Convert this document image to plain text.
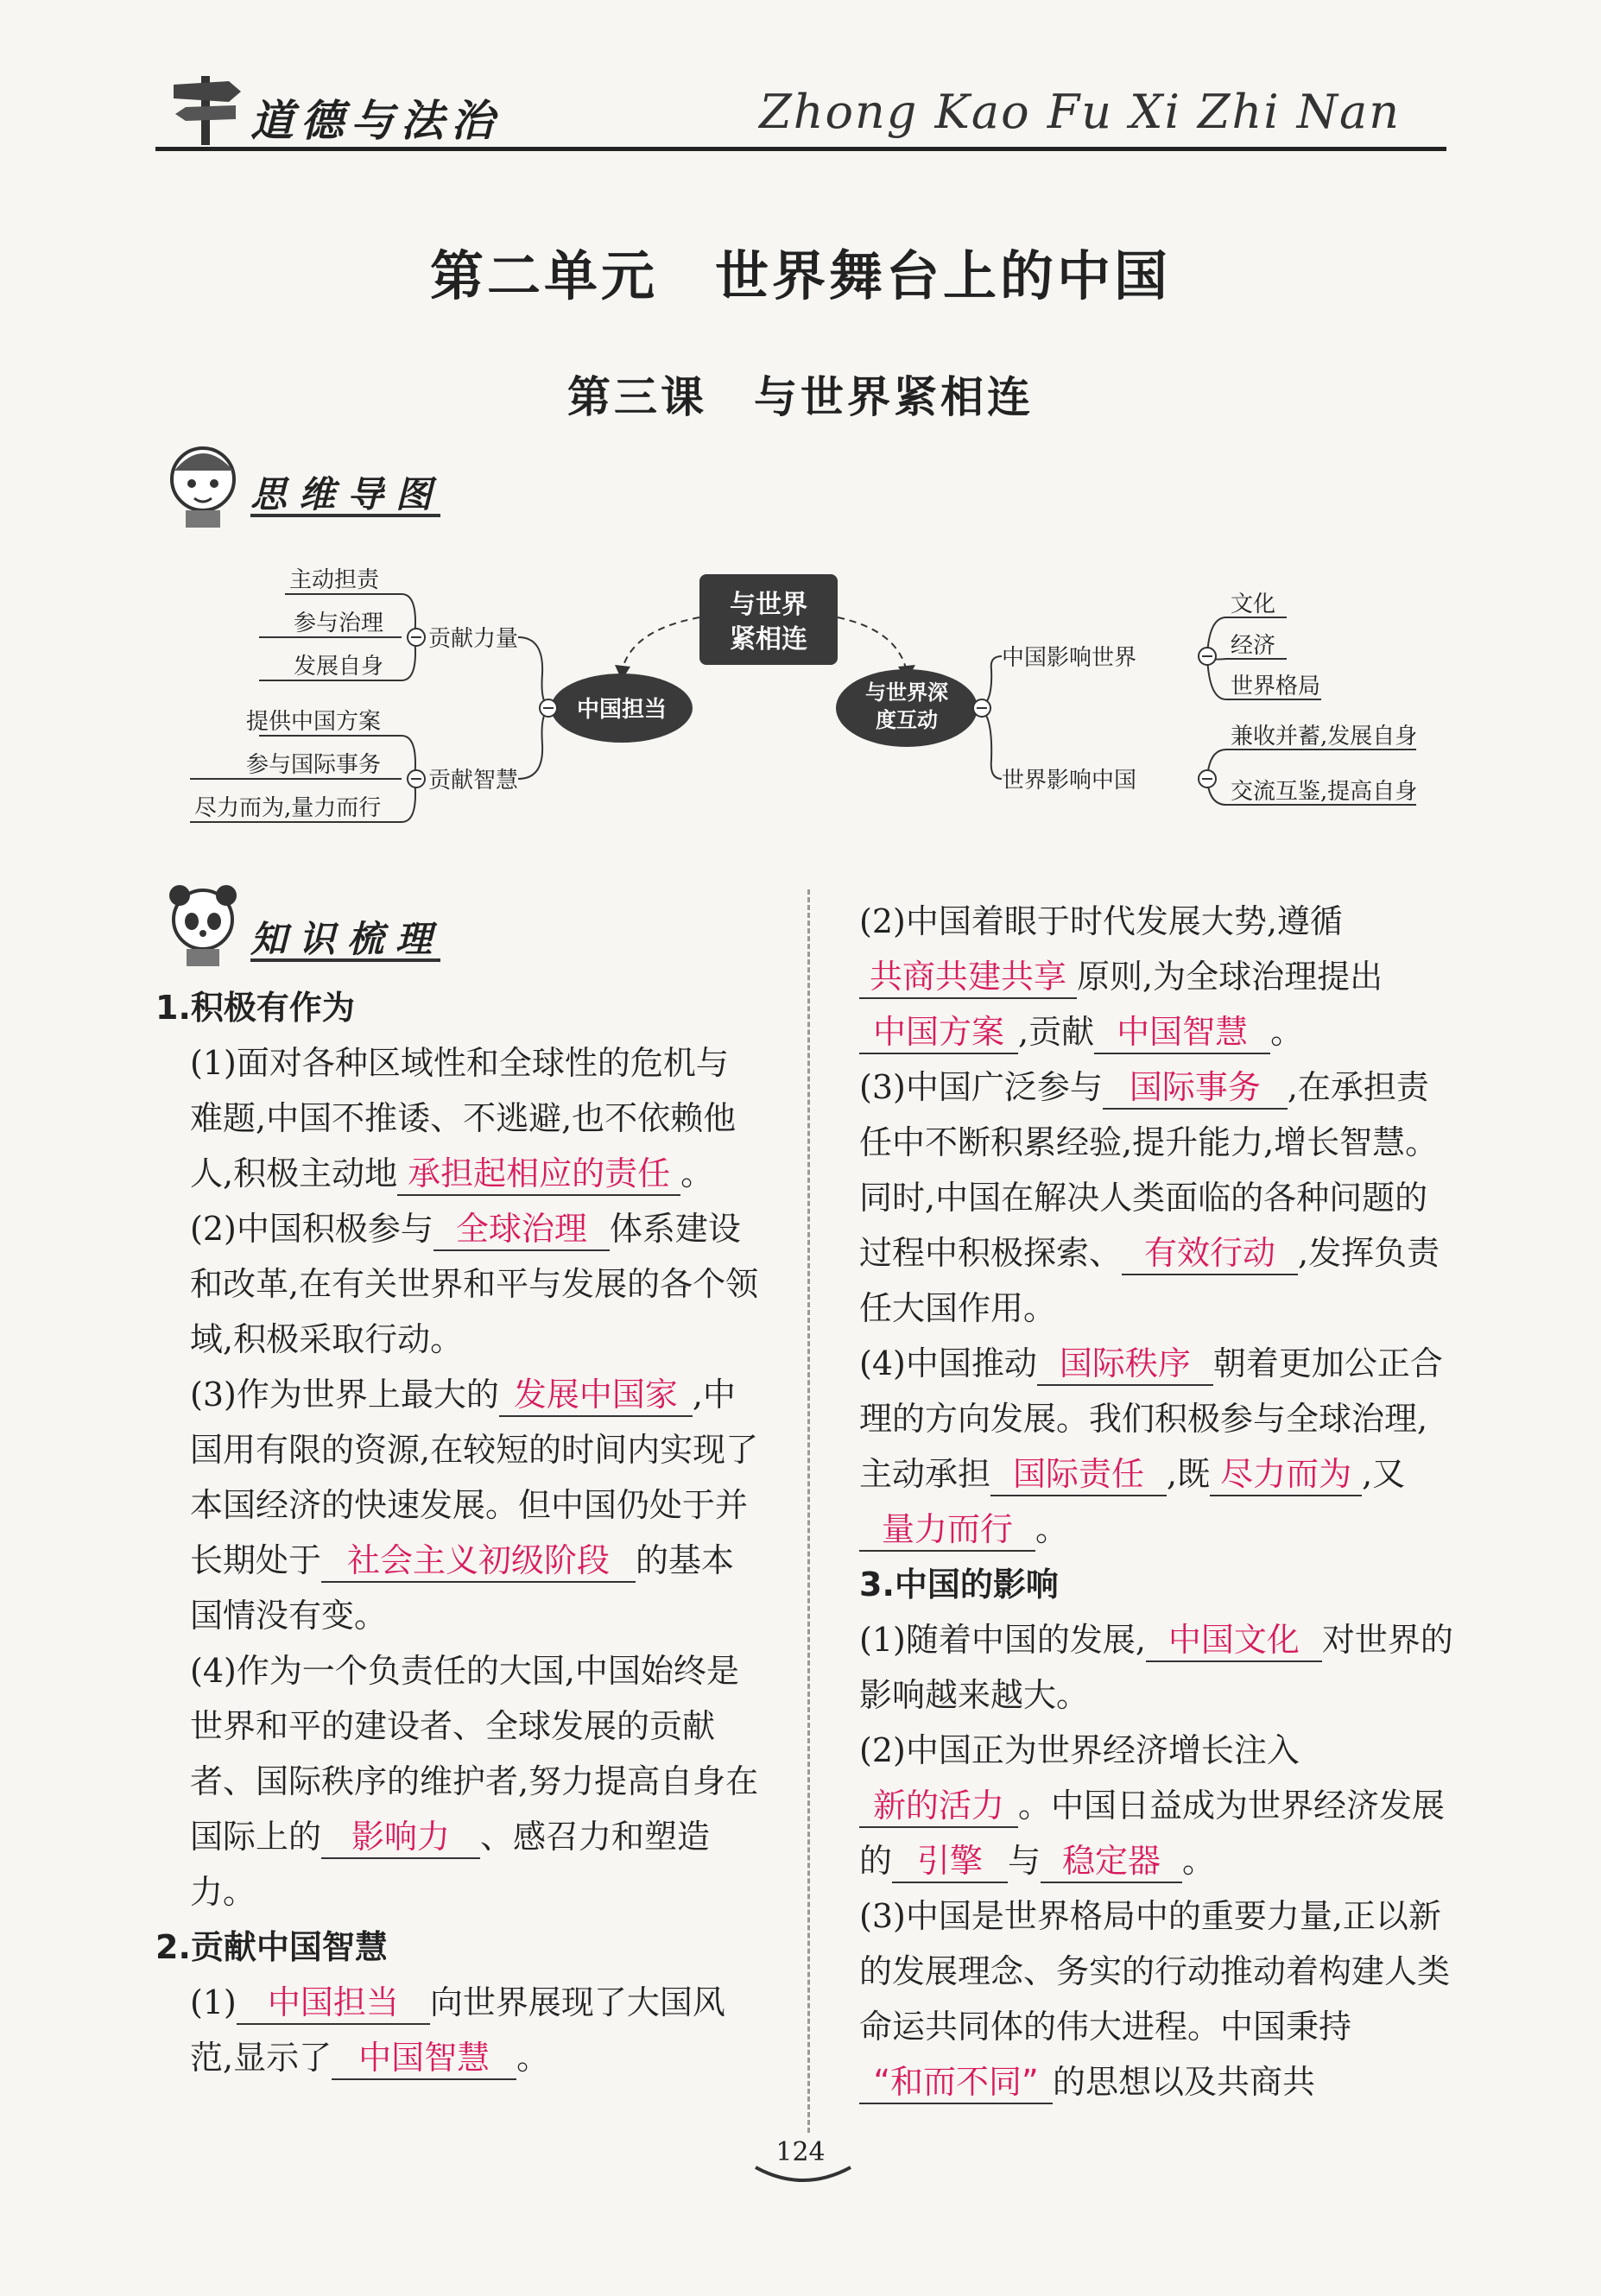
道德与法治	Zhong Kao Fu Xi Zhi Nan
第二单元　世界舞台上的中国
第三课　与世界紧相连
思维导图
与世界
紧相连
中国担当
与世界深
度互动
贡献力量
主动担责
参与治理
发展自身
贡献智慧
提供中国方案
参与国际事务
尽力而为,量力而行
中国影响世界
文化
经济
世界格局
世界影响中国
兼收并蓄,发展自身
交流互鉴,提高自身
知识梳理

1.积极有作为

(1)面对各种区域性和全球性的危机与难题,中国不推诿、不逃避,也不依赖他人,积极主动地 承担起相应的责任 。

(2)中国积极参与 全球治理 体系建设和改革,在有关世界和平与发展的各个领域,积极采取行动。

(3)作为世界上最大的 发展中国家 ,中国用有限的资源,在较短的时间内实现了本国经济的快速发展。但中国仍处于并长期处于 社会主义初级阶段 的基本国情没有变。

(4)作为一个负责任的大国,中国始终是世界和平的建设者、全球发展的贡献者、国际秩序的维护者,努力提高自身在国际上的 影响力 、感召力和塑造力。

2.贡献中国智慧

(1) 中国担当 向世界展现了大国风范,显示了 中国智慧 。

(2)中国着眼于时代发展大势,遵循共商共建共享 原则,为全球治理提出中国方案 ,贡献 中国智慧 。

(3)中国广泛参与 国际事务 ,在承担责任中不断积累经验,提升能力,增长智慧。同时,中国在解决人类面临的各种问题的过程中积极探索、 有效行动 ,发挥负责任大国作用。

(4)中国推动 国际秩序 朝着更加公正合理的方向发展。我们积极参与全球治理,主动承担 国际责任 ,既 尽力而为 ,又量力而行 。

3.中国的影响

(1)随着中国的发展, 中国文化 对世界的影响越来越大。

(2)中国正为世界经济增长注入新的活力 。中国日益成为世界经济发展的 引擎 与 稳定器 。

(3)中国是世界格局中的重要力量,正以新的发展理念、务实的行动推动着构建人类命运共同体的伟大进程。中国秉持“和而不同” 的思想以及共商共

124
